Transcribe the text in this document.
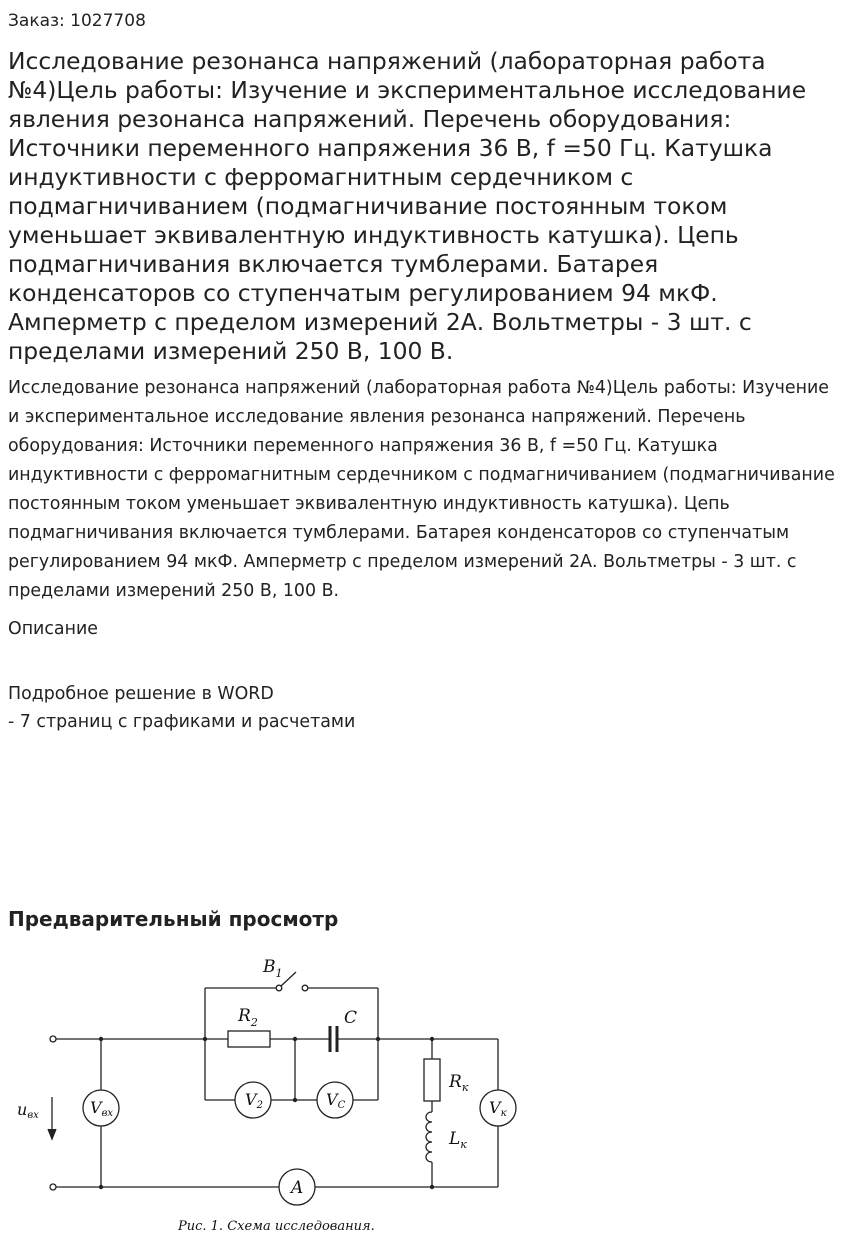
Заказ: 1027708
Исследование резонанса напряжений (лабораторная работа №4)Цель работы: Изучение и экспериментальное исследование явления резонанса напряжений. Перечень оборудования: Источники переменного напряжения 36 В, f =50 Гц. Катушка индуктивности с ферромагнитным сердечником с подмагничиванием (подмагничивание постоянным током уменьшает эквивалентную индуктивность катушка). Цепь подмагничивания включается тумблерами. Батарея конденсаторов со ступенчатым регулированием 94 мкФ. Амперметр с пределом измерений 2А. Вольтметры - 3 шт. с пределами измерений 250 В, 100 В.

Исследование резонанса напряжений (лабораторная работа №4)Цель работы: Изучение и экспериментальное исследование явления резонанса напряжений. Перечень оборудования: Источники переменного напряжения 36 В, f =50 Гц. Катушка индуктивности с ферромагнитным сердечником с подмагничиванием (подмагничивание постоянным током уменьшает эквивалентную индуктивность катушка). Цепь подмагничивания включается тумблерами. Батарея конденсаторов со ступенчатым регулированием 94 мкФ. Амперметр с пределом измерений 2А. Вольтметры - 3 шт. с пределами измерений 250 В, 100 В.

Описание
Подробное решение в WORD
- 7 страниц с графиками и расчетами
Предварительный просмотр
$B_1$
$R_2$	C
Vвх
V2	VC	Vк
$R_к$
$L_к$
A
uвх
Рис. 1. Схема исследования.
